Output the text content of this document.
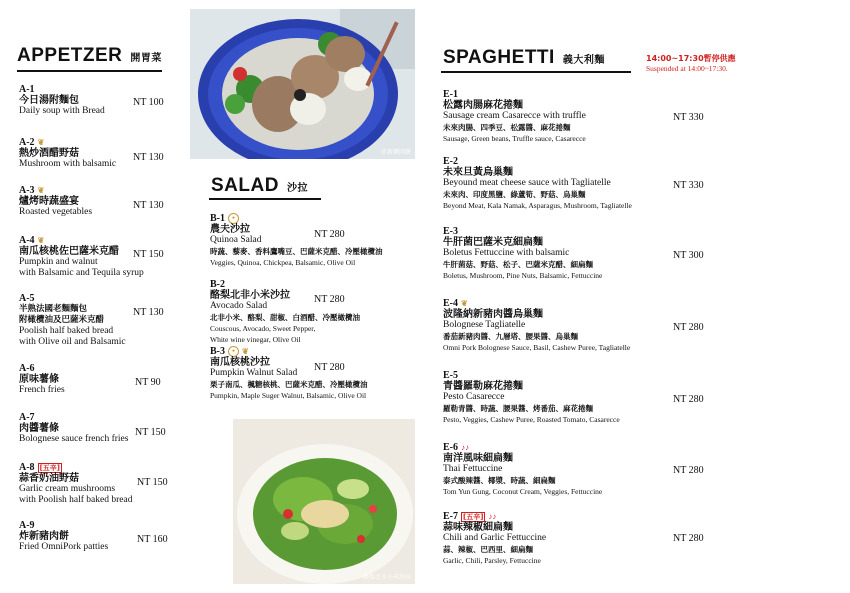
APPETZER 開胃菜
A-1
今日湯附麵包
Daily soup with Bread
NT 100
A-2 ❦
熱炒酒醋野菇
Mushroom with balsamic
NT 130
A-3 ❦
爐烤時蔬盛宴
Roasted vegetables
NT 130
A-4 ❦
南瓜核桃佐巴薩米克醋
Pumpkin and walnut
with Balsamic and Tequila syrup
NT 150
A-5
半熟法國老麵麵包
附橄欖油及巴薩米克醋
Poolish half baked bread
with Olive oil and Balsamic
NT 130
A-6
原味薯條
French fries
NT 90
A-7
肉醬薯條
Bolognese sauce french fries
NT 150
A-8 [五辛]
蒜香奶油野菇
Garlic cream mushrooms
with Poolish half baked bread
NT 150
A-9
炸新豬肉餅
Fried OmniPork patties
NT 160
炸新豬肉餅
SALAD 沙拉
B-1	●
農夫沙拉
Quinoa Salad
時蔬、藜麥、香料鷹嘴豆、巴薩米克醋、冷壓橄欖油
Veggies, Quinoa, Chickpea, Balsamic, Olive Oil
NT 280
B-2
酪梨北非小米沙拉
Avocado Salad
北非小米、酪梨、甜椒、白酒醋、冷壓橄欖油
Couscous, Avocado, Sweet Pepper,
White wine vinegar, Olive Oil
NT 280
B-3	● ❦
南瓜核桃沙拉
Pumpkin Walnut Salad
栗子南瓜、楓糖核桃、巴薩米克醋、冷壓橄欖油
Pumpkin, Maple Suger Walnut, Balsamic, Olive Oil
NT 280
酪梨北非小米沙拉
SPAGHETTI 義大利麵	14:00~17:30暫停供應
Suspended at 14:00~17:30.
E-1
松露肉腸麻花捲麵
Sausage cream Casarecce with truffle
未來肉腸、四季豆、松露醬、麻花捲麵
Sausage, Green beans, Truffle sauce, Casarecce
NT 330
E-2
未來旦黃烏巢麵
Beyound meat cheese sauce with Tagliatelle
未來肉、印度黑鹽、綠蘆筍、野菇、烏巢麵
Beyond Meat, Kala Namak, Asparagus, Mushroom, Tagliatelle
NT 330
E-3
牛肝菌巴薩米克細扁麵
Boletus Fettuccine with balsamic
牛肝菌菇、野菇、松子、巴薩米克醋、細扁麵
Boletus, Mushroom, Pine Nuts, Balsamic, Fettuccine
NT 300
E-4 ❦
波隆納新豬肉醬烏巢麵
Bolognese Tagliatelle
番茄新豬肉醬、九層塔、腰果醬、烏巢麵
Omni Pork Bolognese Sauce, Basil, Cashew Puree, Tagliatelle
NT 280
E-5
青醬羅勒麻花捲麵
Pesto Casarecce
羅勒青醬、時蔬、腰果醬、烤番茄、麻花捲麵
Pesto, Veggies, Cashew Puree, Roasted Tomato, Casarecce
NT 280
E-6 ♪♪
南洋風味細扁麵
Thai Fettuccine
泰式酸辣醬、椰漿、時蔬、細扁麵
Tom Yun Gung, Coconut Cream, Veggies, Fettuccine
NT 280
E-7 [五辛] ♪♪
蒜味辣椒細扁麵
Chili and Garlic Fettuccine
蒜、辣椒、巴西里、細扁麵
Garlic, Chili, Parsley, Fettuccine
NT 280
